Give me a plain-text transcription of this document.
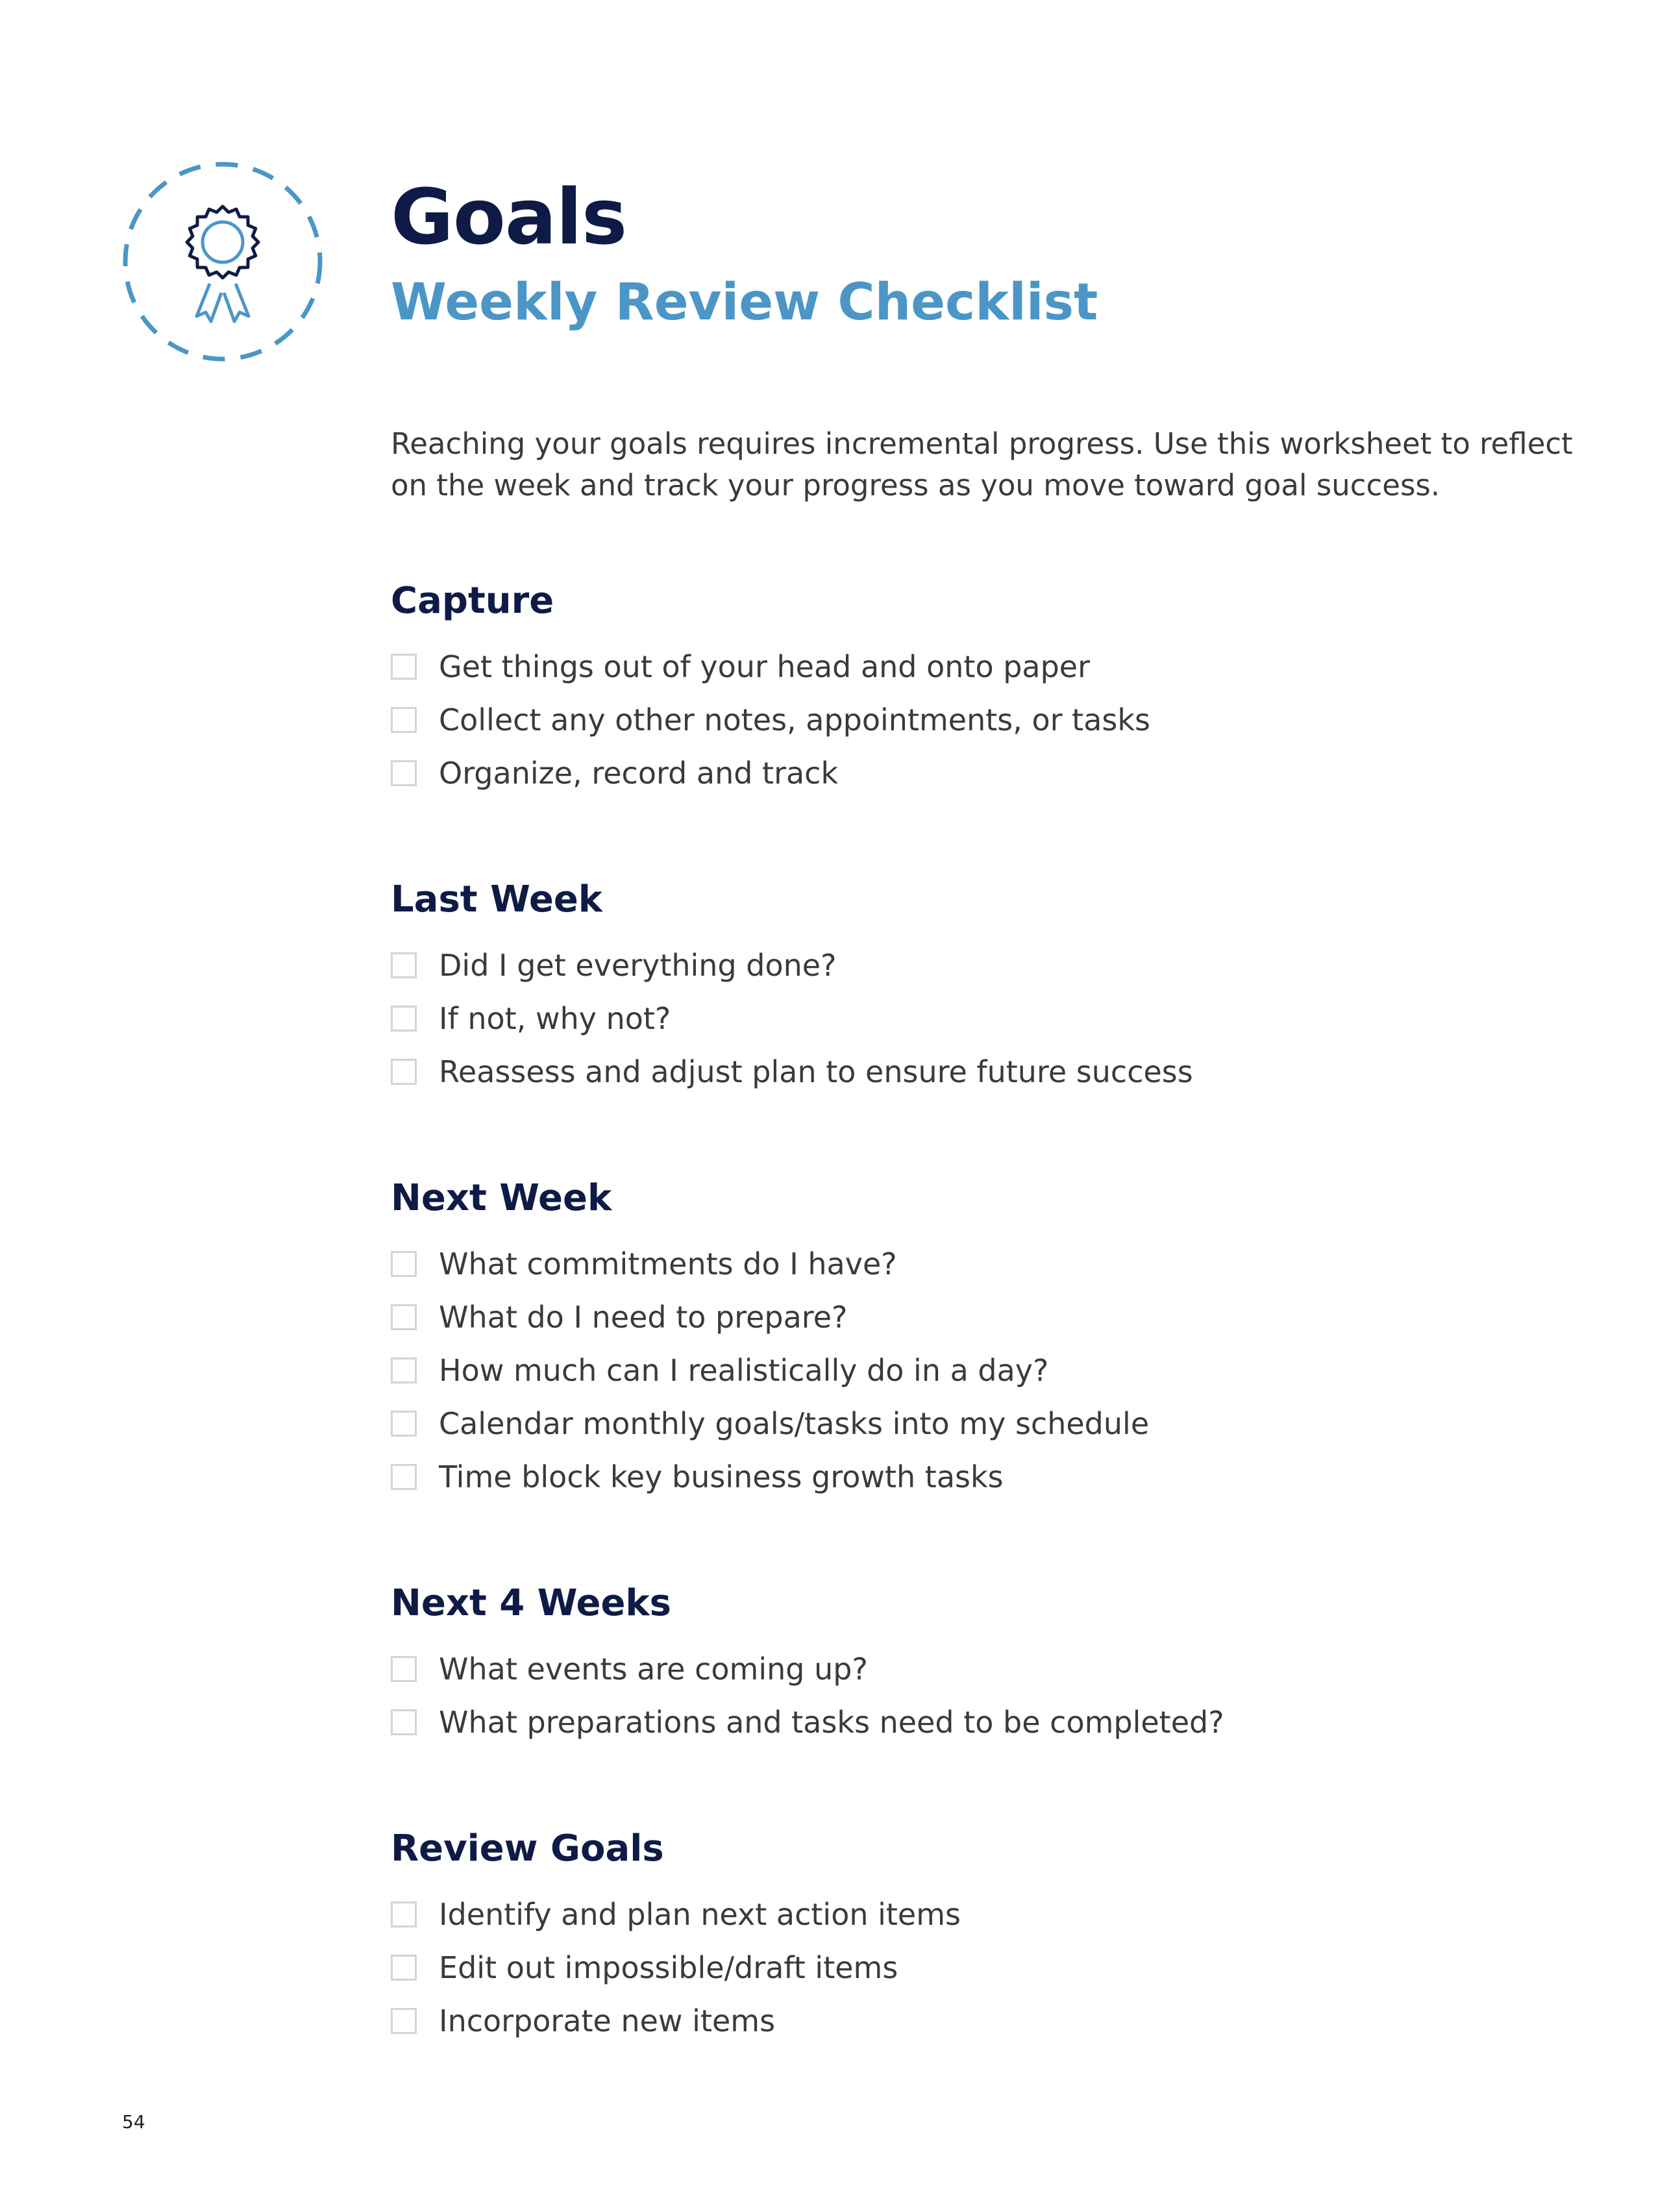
Goals
Weekly Review Checklist

Reaching your goals requires incremental progress. Use this worksheet to reflect on the week and track your progress as you move toward goal success.

Capture
Get things out of your head and onto paper
Collect any other notes, appointments, or tasks
Organize, record and track
Last Week
Did I get everything done?
If not, why not?
Reassess and adjust plan to ensure future success
Next Week
What commitments do I have?
What do I need to prepare?
How much can I realistically do in a day?
Calendar monthly goals/tasks into my schedule
Time block key business growth tasks
Next 4 Weeks
What events are coming up?
What preparations and tasks need to be completed?
Review Goals
Identify and plan next action items
Edit out impossible/draft items
Incorporate new items
54
